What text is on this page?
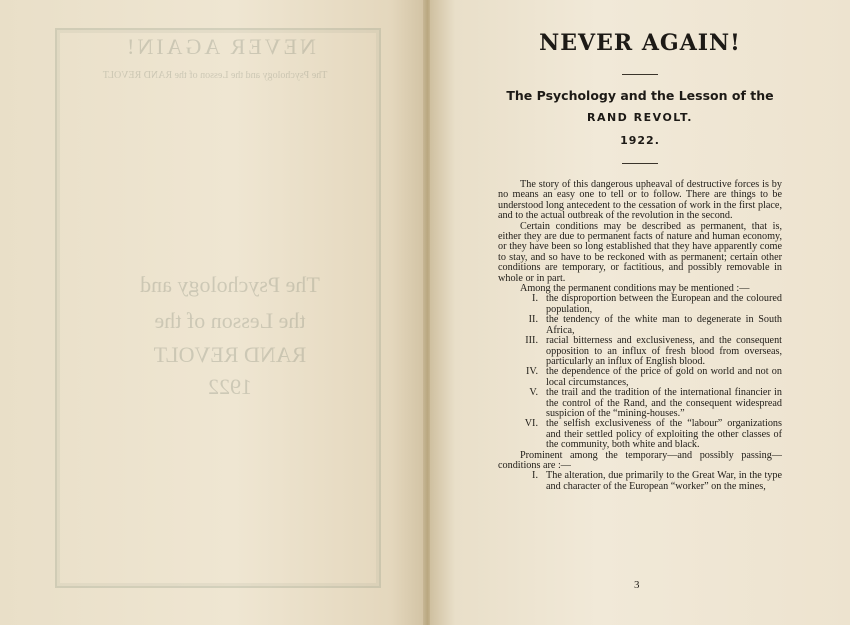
NEVER AGAIN!
The Psychology and the Lesson of the RAND REVOLT
The Psychology and
the Lesson of the
RAND REVOLT
1922
NEVER AGAIN!
The Psychology and the Lesson of the
RAND REVOLT.
1922.

The story of this dangerous upheaval of destructive forces is by no means an easy one to tell or to follow. There are things to be understood long antecedent to the cessation of work in the first place, and to the actual outbreak of the revolution in the second.

Certain conditions may be described as permanent, that is, either they are due to permanent facts of nature and human economy, or they have been so long established that they have apparently come to stay, and so have to be reckoned with as permanent; certain other conditions are temporary, or factitious, and possibly removable in whole or in part.

Among the permanent conditions may be mentioned :—

I. the disproportion between the European and the coloured population,
II. the tendency of the white man to degenerate in South Africa,
III. racial bitterness and exclusiveness, and the consequent opposition to an influx of fresh blood from overseas, particularly an influx of English blood.
IV. the dependence of the price of gold on world and not on local circumstances,
V. the trail and the tradition of the international financier in the control of the Rand, and the consequent widespread suspicion of the “mining-houses.”
VI. the selfish exclusiveness of the “labour” organizations and their settled policy of exploiting the other classes of the community, both white and black.

Prominent among the temporary—and possibly passing—conditions are :—

I. The alteration, due primarily to the Great War, in the type and character of the European “worker” on the mines,
3
